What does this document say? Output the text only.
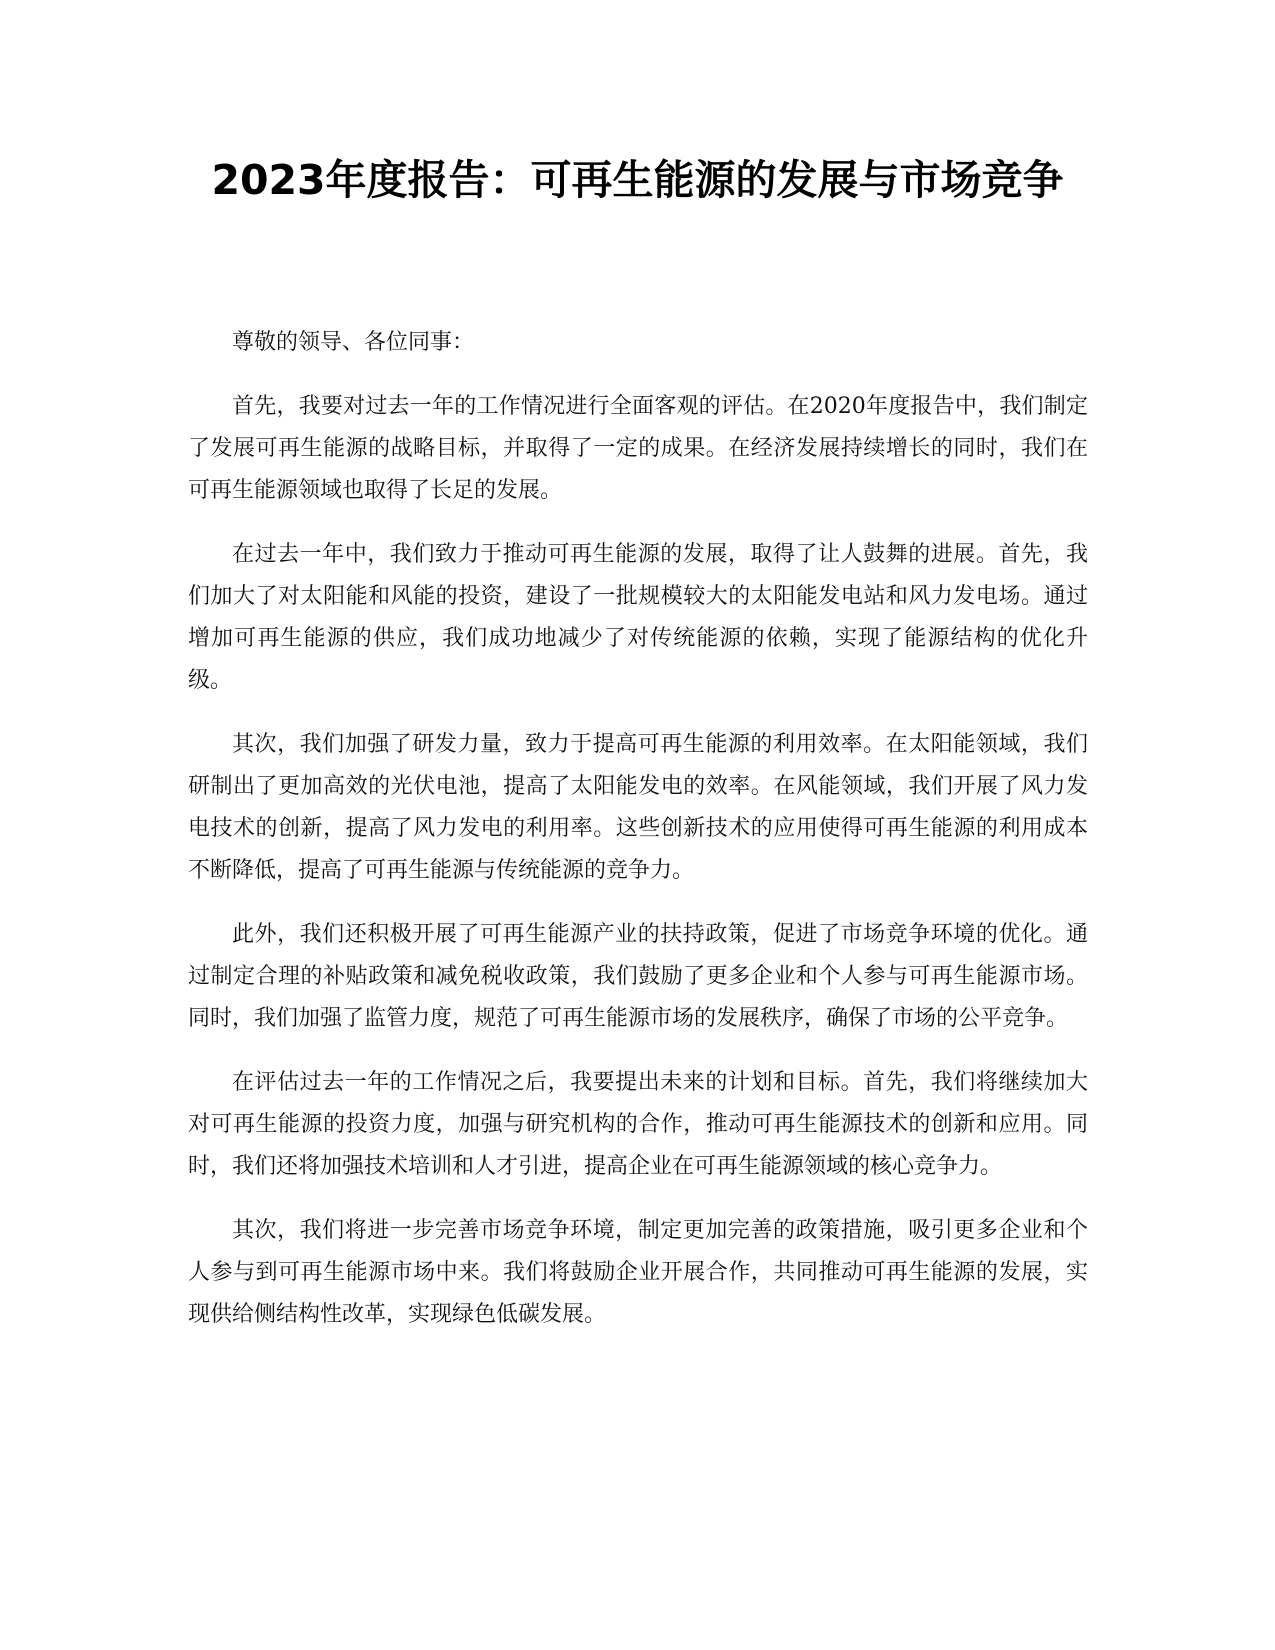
2023年度报告：可再生能源的发展与市场竞争

尊敬的领导、各位同事：

首先，我要对过去一年的工作情况进行全面客观的评估。在2020年度报告中，我们制定了发展可再生能源的战略目标，并取得了一定的成果。在经济发展持续增长的同时，我们在可再生能源领域也取得了长足的发展。

在过去一年中，我们致力于推动可再生能源的发展，取得了让人鼓舞的进展。首先，我们加大了对太阳能和风能的投资，建设了一批规模较大的太阳能发电站和风力发电场。通过增加可再生能源的供应，我们成功地减少了对传统能源的依赖，实现了能源结构的优化升级。

其次，我们加强了研发力量，致力于提高可再生能源的利用效率。在太阳能领域，我们研制出了更加高效的光伏电池，提高了太阳能发电的效率。在风能领域，我们开展了风力发电技术的创新，提高了风力发电的利用率。这些创新技术的应用使得可再生能源的利用成本不断降低，提高了可再生能源与传统能源的竞争力。

此外，我们还积极开展了可再生能源产业的扶持政策，促进了市场竞争环境的优化。通过制定合理的补贴政策和减免税收政策，我们鼓励了更多企业和个人参与可再生能源市场。同时，我们加强了监管力度，规范了可再生能源市场的发展秩序，确保了市场的公平竞争。

在评估过去一年的工作情况之后，我要提出未来的计划和目标。首先，我们将继续加大对可再生能源的投资力度，加强与研究机构的合作，推动可再生能源技术的创新和应用。同时，我们还将加强技术培训和人才引进，提高企业在可再生能源领域的核心竞争力。

其次，我们将进一步完善市场竞争环境，制定更加完善的政策措施，吸引更多企业和个人参与到可再生能源市场中来。我们将鼓励企业开展合作，共同推动可再生能源的发展，实现供给侧结构性改革，实现绿色低碳发展。
